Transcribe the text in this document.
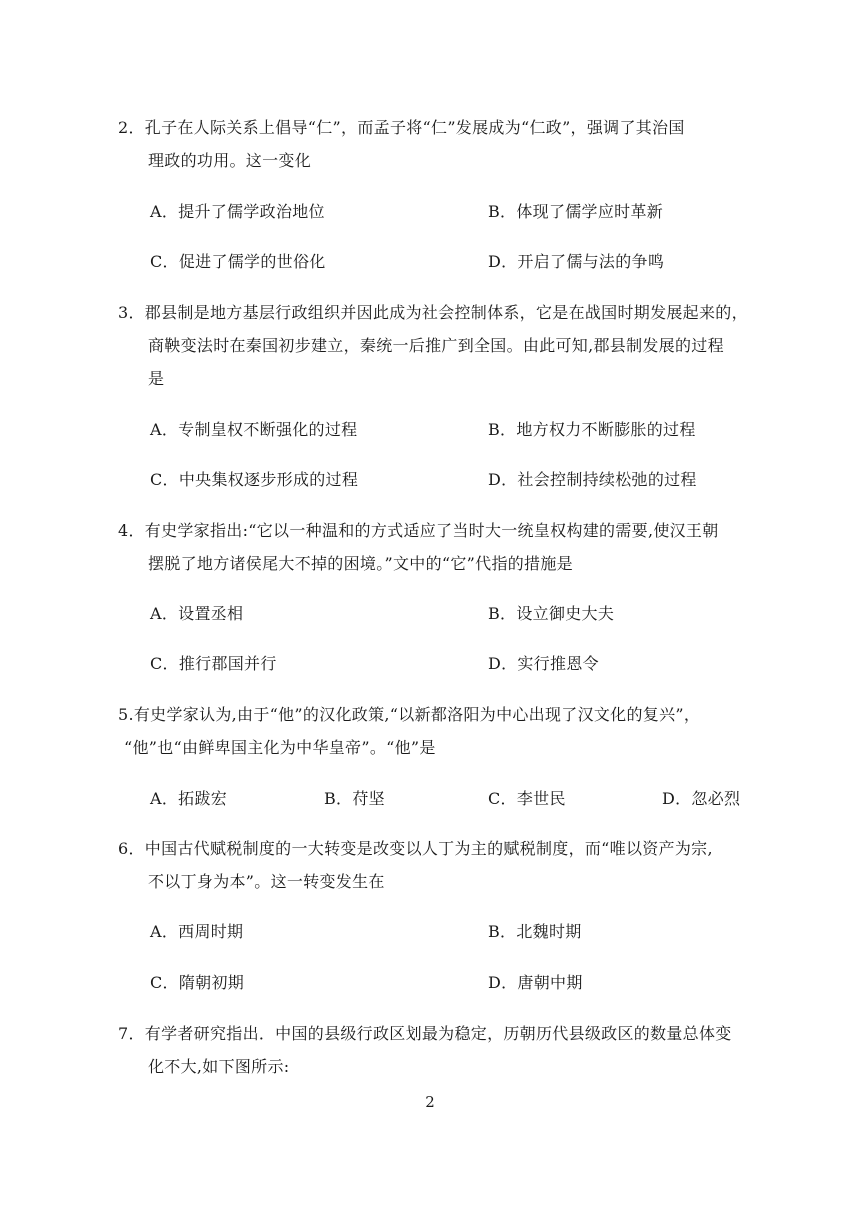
2．孔子在人际关系上倡导“仁”，而孟子将“仁”发展成为“仁政”，强调了其治国
理政的功用。这一变化
A．提升了儒学政治地位	B．体现了儒学应时革新
C．促进了儒学的世俗化	D．开启了儒与法的争鸣
3．郡县制是地方基层行政组织并因此成为社会控制体系，它是在战国时期发展起来的，
商鞅变法时在秦国初步建立，秦统一后推广到全国。由此可知,郡县制发展的过程
是
A．专制皇权不断强化的过程	B．地方权力不断膨胀的过程
C．中央集权逐步形成的过程	D．社会控制持续松弛的过程
4．有史学家指出:“它以一种温和的方式适应了当时大一统皇权构建的需要,使汉王朝
摆脱了地方诸侯尾大不掉的困境。”文中的“它”代指的措施是
A．设置丞相	B．设立御史大夫
C．推行郡国并行	D．实行推恩令
5.有史学家认为,由于“他”的汉化政策,“以新都洛阳为中心出现了汉文化的复兴”，
“他”也“由鲜卑国主化为中华皇帝”。“他”是
A．拓跋宏	B．苻坚	C．李世民	D．忽必烈
6．中国古代赋税制度的一大转变是改变以人丁为主的赋税制度，而“唯以资产为宗,
不以丁身为本”。这一转变发生在
A．西周时期	B．北魏时期
C．隋朝初期	D．唐朝中期
7．有学者研究指出．中国的县级行政区划最为稳定，历朝历代县级政区的数量总体变
化不大,如下图所示:
2
